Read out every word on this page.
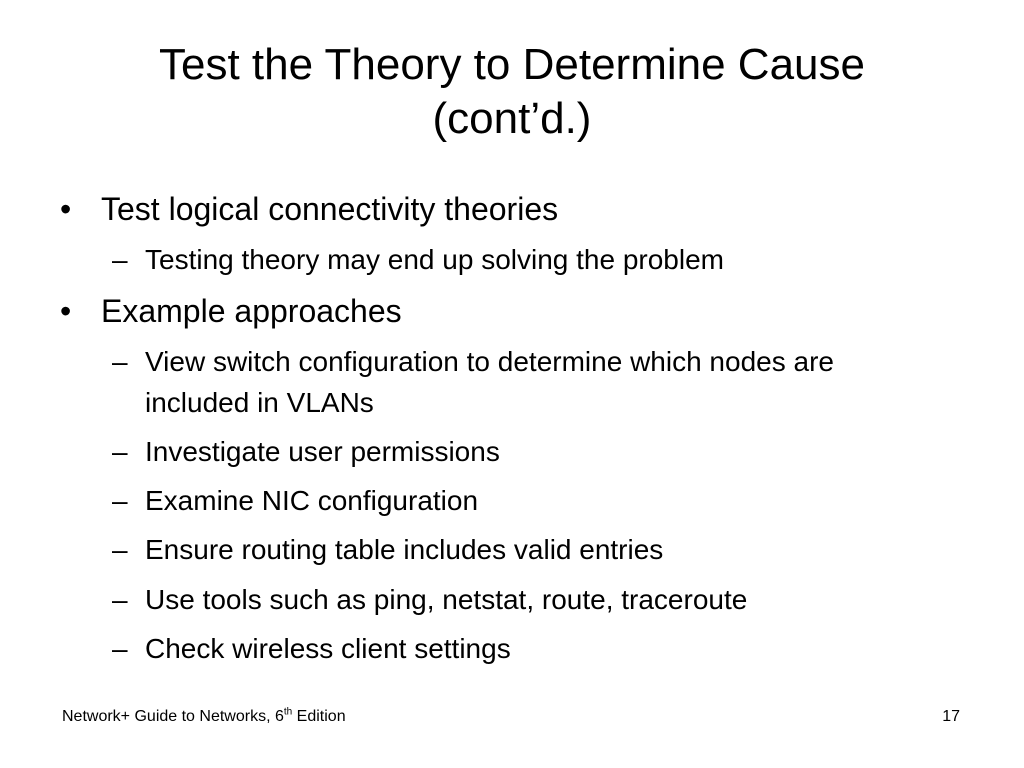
Test the Theory to Determine Cause
(cont’d.)
• Test logical connectivity theories
– Testing theory may end up solving the problem
• Example approaches
– View switch configuration to determine which nodes are included in VLANs
– Investigate user permissions
– Examine NIC configuration
– Ensure routing table includes valid entries
– Use tools such as ping, netstat, route, traceroute
– Check wireless client settings
Network+ Guide to Networks, 6th Edition	17
